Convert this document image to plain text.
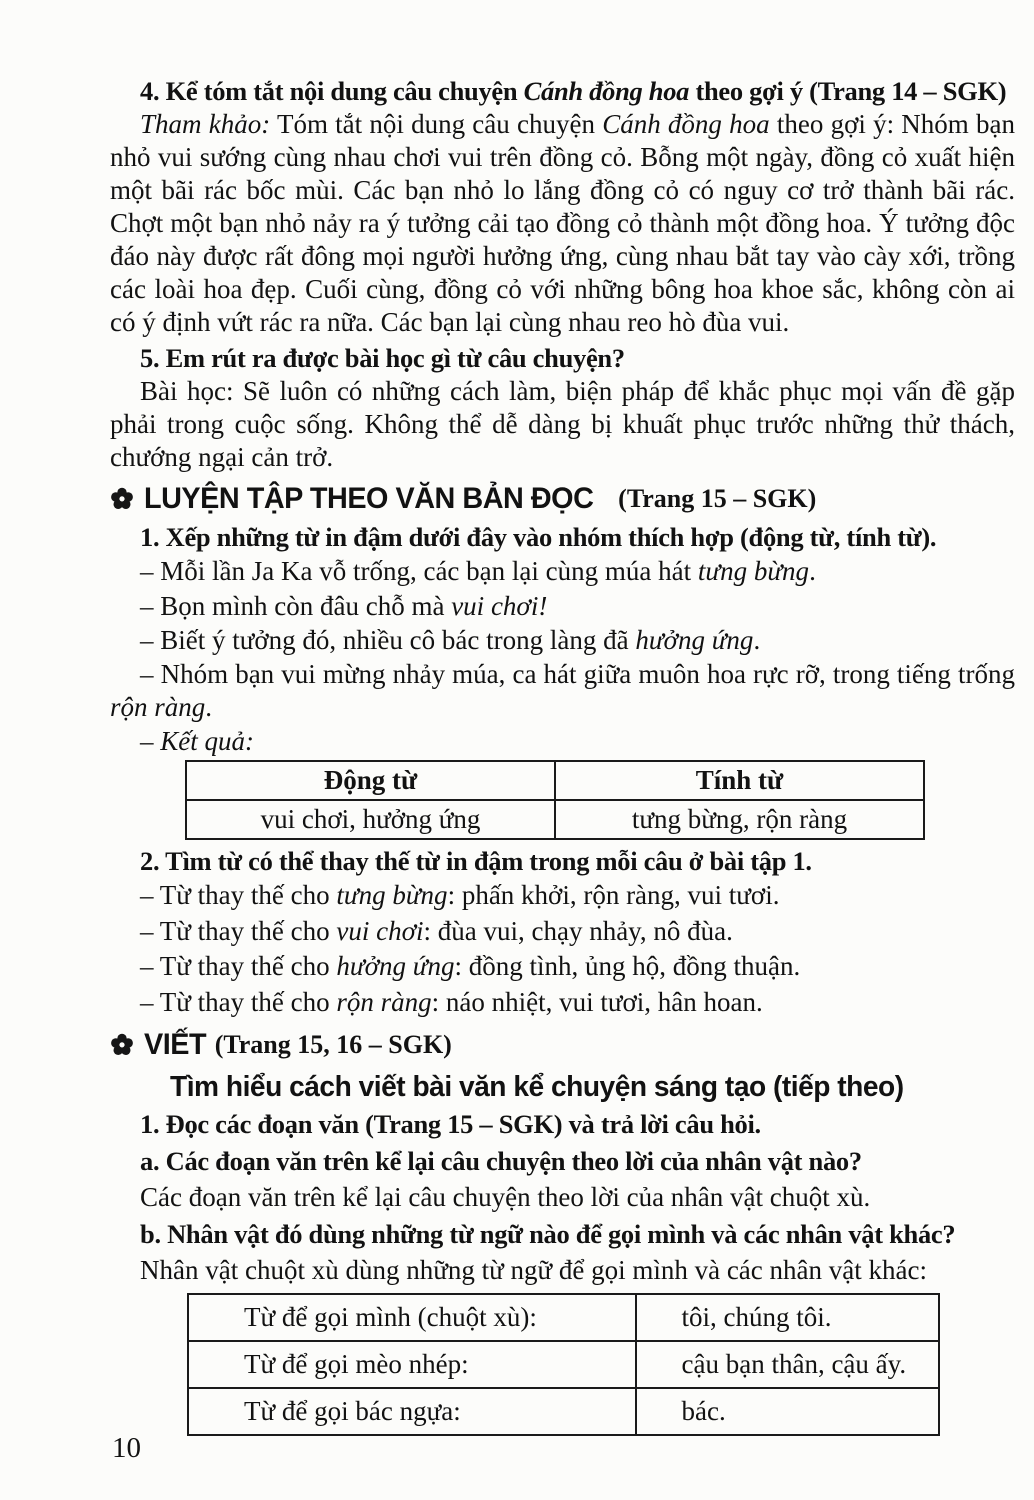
4. Kể tóm tắt nội dung câu chuyện Cánh đồng hoa theo gợi ý (Trang 14 – SGK)

Tham khảo: Tóm tắt nội dung câu chuyện Cánh đồng hoa theo gợi ý: Nhóm bạn nhỏ vui sướng cùng nhau chơi vui trên đồng cỏ. Bỗng một ngày, đồng cỏ xuất hiện một bãi rác bốc mùi. Các bạn nhỏ lo lắng đồng cỏ có nguy cơ trở thành bãi rác. Chợt một bạn nhỏ nảy ra ý tưởng cải tạo đồng cỏ thành một đồng hoa. Ý tưởng độc đáo này được rất đông mọi người hưởng ứng, cùng nhau bắt tay vào cày xới, trồng các loài hoa đẹp. Cuối cùng, đồng cỏ với những bông hoa khoe sắc, không còn ai có ý định vứt rác ra nữa. Các bạn lại cùng nhau reo hò đùa vui.

5. Em rút ra được bài học gì từ câu chuyện?

Bài học: Sẽ luôn có những cách làm, biện pháp để khắc phục mọi vấn đề gặp phải trong cuộc sống. Không thể dễ dàng bị khuất phục trước những thử thách, chướng ngại cản trở.

LUYỆN TẬP THEO VĂN BẢN ĐỌC (Trang 15 – SGK)

1. Xếp những từ in đậm dưới đây vào nhóm thích hợp (động từ, tính từ).

– Mỗi lần Ja Ka vỗ trống, các bạn lại cùng múa hát tưng bừng.

– Bọn mình còn đâu chỗ mà vui chơi!

– Biết ý tưởng đó, nhiều cô bác trong làng đã hưởng ứng.

– Nhóm bạn vui mừng nhảy múa, ca hát giữa muôn hoa rực rỡ, trong tiếng trống rộn ràng.

– Kết quả:

Động từ	Tính từ
vui chơi, hưởng ứng	tưng bừng, rộn ràng

2. Tìm từ có thể thay thế từ in đậm trong mỗi câu ở bài tập 1.

– Từ thay thế cho tưng bừng: phấn khởi, rộn ràng, vui tươi.

– Từ thay thế cho vui chơi: đùa vui, chạy nhảy, nô đùa.

– Từ thay thế cho hưởng ứng: đồng tình, ủng hộ, đồng thuận.

– Từ thay thế cho rộn ràng: náo nhiệt, vui tươi, hân hoan.

VIẾT (Trang 15, 16 – SGK)

Tìm hiểu cách viết bài văn kể chuyện sáng tạo (tiếp theo)

1. Đọc các đoạn văn (Trang 15 – SGK) và trả lời câu hỏi.

a. Các đoạn văn trên kể lại câu chuyện theo lời của nhân vật nào?

Các đoạn văn trên kể lại câu chuyện theo lời của nhân vật chuột xù.

b. Nhân vật đó dùng những từ ngữ nào để gọi mình và các nhân vật khác?

Nhân vật chuột xù dùng những từ ngữ để gọi mình và các nhân vật khác:

Từ để gọi mình (chuột xù):	tôi, chúng tôi.
Từ để gọi mèo nhép:	cậu bạn thân, cậu ấy.
Từ để gọi bác ngựa:	bác.
10
